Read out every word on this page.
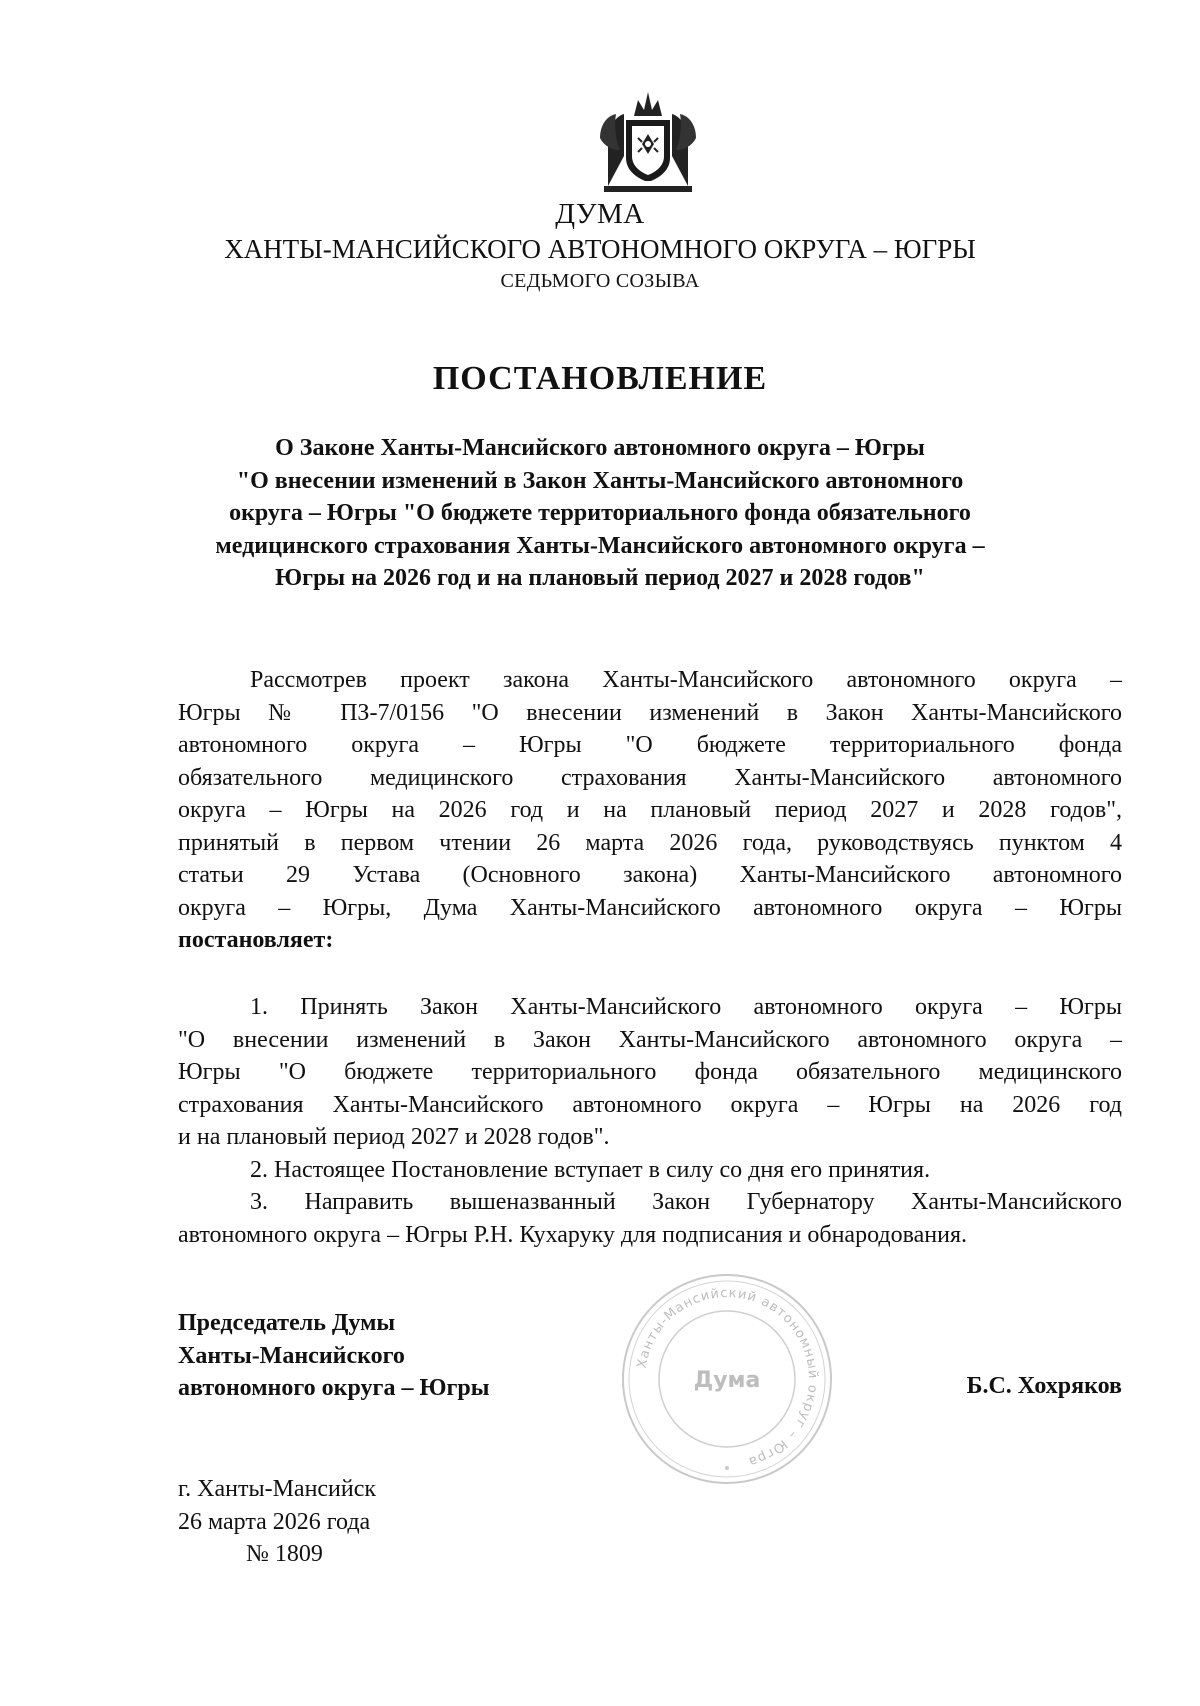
ДУМА
ХАНТЫ-МАНСИЙСКОГО АВТОНОМНОГО ОКРУГА – ЮГРЫ
СЕДЬМОГО СОЗЫВА
ПОСТАНОВЛЕНИЕ
О Законе Ханты-Мансийского автономного округа – Югры
"О внесении изменений в Закон Ханты-Мансийского автономного
округа – Югры "О бюджете территориального фонда обязательного
медицинского страхования Ханты-Мансийского автономного округа –
Югры на 2026 год и на плановый период 2027 и 2028 годов"
Рассмотрев проект закона Ханты-Мансийского автономного округа –
Югры № ПЗ-7/0156 "О внесении изменений в Закон Ханты-Мансийского
автономного округа – Югры "О бюджете территориального фонда
обязательного медицинского страхования Ханты-Мансийского автономного
округа – Югры на 2026 год и на плановый период 2027 и 2028 годов",
принятый в первом чтении 26 марта 2026 года, руководствуясь пунктом 4
статьи 29 Устава (Основного закона) Ханты-Мансийского автономного
округа – Югры, Дума Ханты-Мансийского автономного округа – Югры
постановляет:
1. Принять Закон Ханты-Мансийского автономного округа – Югры
"О внесении изменений в Закон Ханты-Мансийского автономного округа –
Югры "О бюджете территориального фонда обязательного медицинского
страхования Ханты-Мансийского автономного округа – Югры на 2026 год
и на плановый период 2027 и 2028 годов".
2. Настоящее Постановление вступает в силу со дня его принятия.
3. Направить вышеназванный Закон Губернатору Ханты-Мансийского
автономного округа – Югры Р.Н. Кухаруку для подписания и обнародования.
Председатель Думы
Ханты-Мансийского
автономного округа – Югры	Б.С. Хохряков
Ханты-Мансийский автономный округ – Югра
Дума
г. Ханты-Мансийск
26 марта 2026 года
№ 1809
